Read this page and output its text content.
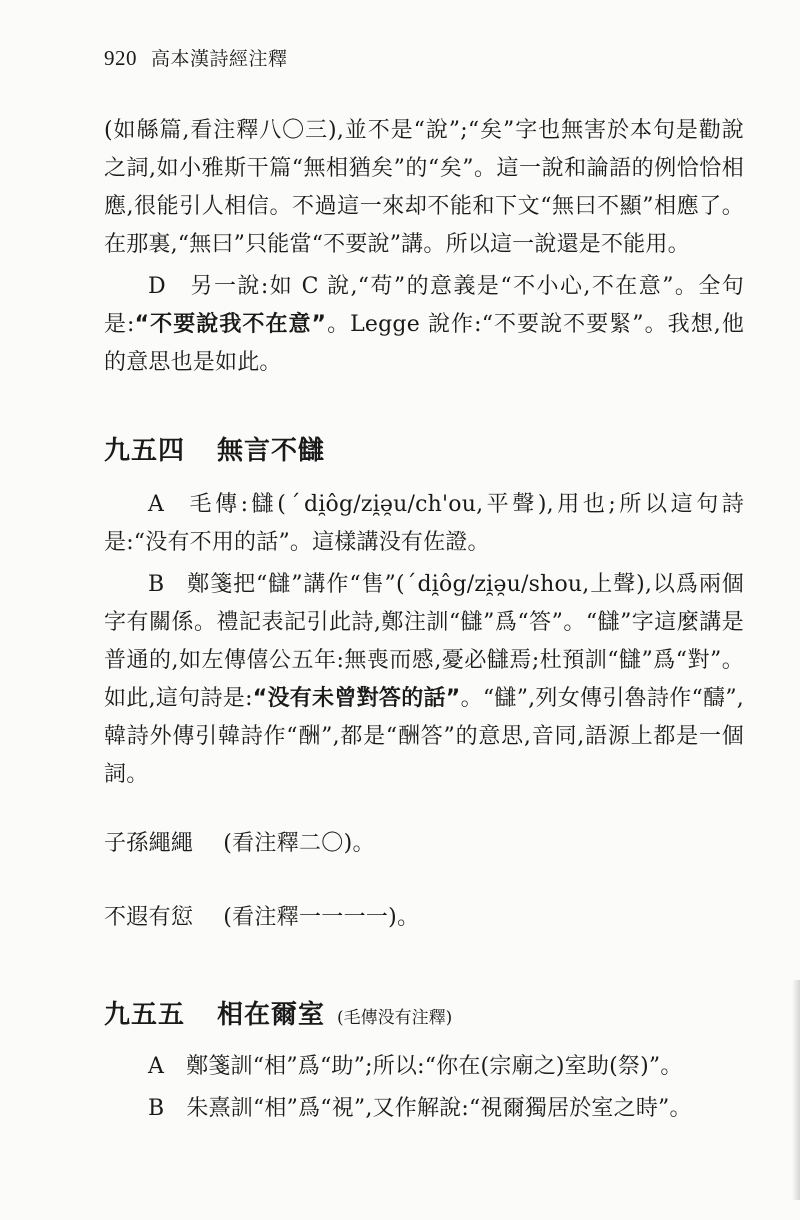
920 高本漢詩經注釋

(如緜篇,看注釋八〇三),並不是“說”;“矣”字也無害於本句是勸說之詞,如小雅斯干篇“無相猶矣”的“矣”。這一說和論語的例恰恰相應,很能引人相信。不過這一來却不能和下文“無曰不顯”相應了。在那裏,“無曰”只能當“不要說”講。所以這一說還是不能用。

D　另一說:如 C 說,“苟”的意義是“不小心,不在意”。全句是:“不要說我不在意”。Legge 說作:“不要說不要緊”。我想,他的意思也是如此。

九五四 無言不讎

A 毛傳:讎(ˊdi̯ôg/zi̯ə̯u/ch'ou,平聲),用也;所以這句詩是:“没有不用的話”。這樣講没有佐證。

B 鄭箋把“讎”講作“售”(ˊdi̯ôg/zi̯ə̯u/shou,上聲),以爲兩個字有關係。禮記表記引此詩,鄭注訓“讎”爲“答”。“讎”字這麼講是普通的,如左傳僖公五年:無喪而慼,憂必讎焉;杜預訓“讎”爲“對”。如此,這句詩是:“没有未曾對答的話”。“讎”,列女傳引魯詩作“醻”,韓詩外傳引韓詩作“酬”,都是“酬答”的意思,音同,語源上都是一個詞。

子孫繩繩 (看注釋二〇)。
不遐有愆 (看注釋一一一一)。
九五五 相在爾室 (毛傳没有注釋)

A 鄭箋訓“相”爲“助”;所以:“你在(宗廟之)室助(祭)”。

B 朱熹訓“相”爲“視”,又作解說:“視爾獨居於室之時”。
